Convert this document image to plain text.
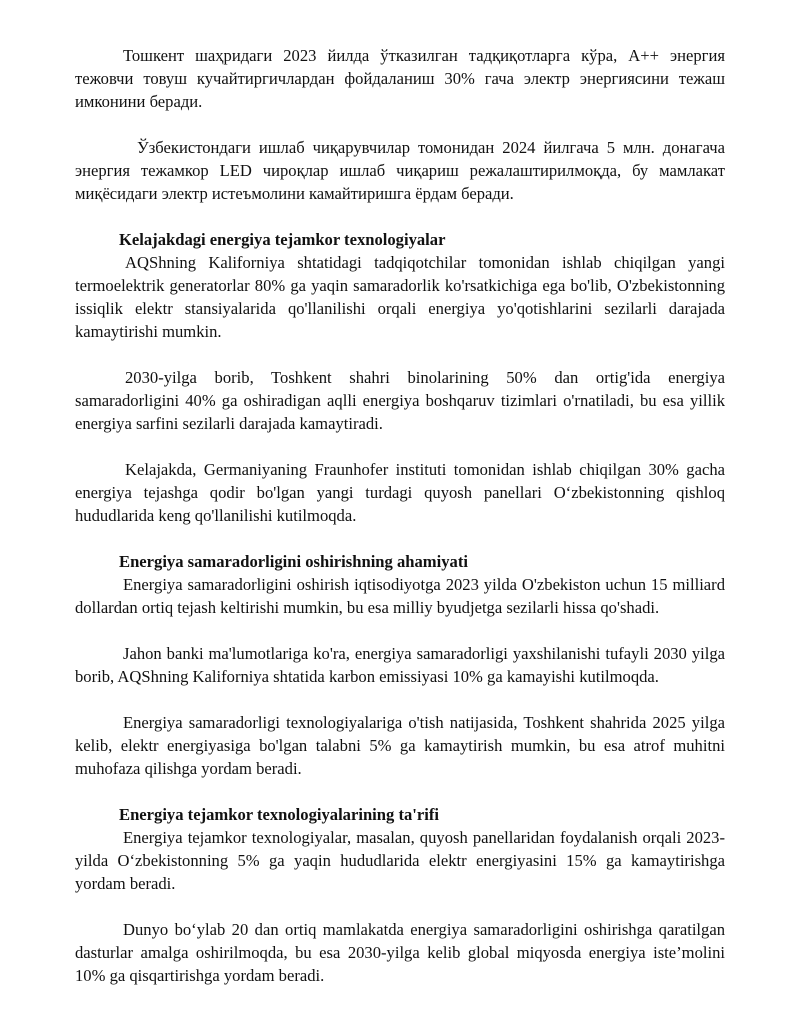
Тошкент шаҳридаги 2023 йилда ўтказилган тадқиқотларга кўра, A++ энергия тежовчи товуш кучайтиргичлардан фойдаланиш 30% гача электр энергиясини тежаш имконини беради.

Ўзбекистондаги ишлаб чиқарувчилар томонидан 2024 йилгача 5 млн. донагача энергия тежамкор LED чироқлар ишлаб чиқариш режалаштирилмоқда, бу мамлакат миқёсидаги электр истеъмолини камайтиришга ёрдам беради.

Kelajakdagi energiya tejamkor texnologiyalar

AQShning Kaliforniya shtatidagi tadqiqotchilar tomonidan ishlab chiqilgan yangi termoelektrik generatorlar 80% ga yaqin samaradorlik ko'rsatkichiga ega bo'lib, O'zbekistonning issiqlik elektr stansiyalarida qo'llanilishi orqali energiya yo'qotishlarini sezilarli darajada kamaytirishi mumkin.

2030-yilga borib, Toshkent shahri binolarining 50% dan ortig'ida energiya samaradorligini 40% ga oshiradigan aqlli energiya boshqaruv tizimlari o'rnatiladi, bu esa yillik energiya sarfini sezilarli darajada kamaytiradi.

Kelajakda, Germaniyaning Fraunhofer instituti tomonidan ishlab chiqilgan 30% gacha energiya tejashga qodir bo'lgan yangi turdagi quyosh panellari O‘zbekistonning qishloq hududlarida keng qo'llanilishi kutilmoqda.

Energiya samaradorligini oshirishning ahamiyati

Energiya samaradorligini oshirish iqtisodiyotga 2023 yilda O'zbekiston uchun 15 milliard dollardan ortiq tejash keltirishi mumkin, bu esa milliy byudjetga sezilarli hissa qo'shadi.

Jahon banki ma'lumotlariga ko'ra, energiya samaradorligi yaxshilanishi tufayli 2030 yilga borib, AQShning Kaliforniya shtatida karbon emissiyasi 10% ga kamayishi kutilmoqda.

Energiya samaradorligi texnologiyalariga o'tish natijasida, Toshkent shahrida 2025 yilga kelib, elektr energiyasiga bo'lgan talabni 5% ga kamaytirish mumkin, bu esa atrof muhitni muhofaza qilishga yordam beradi.

Energiya tejamkor texnologiyalarining ta'rifi

Energiya tejamkor texnologiyalar, masalan, quyosh panellaridan foydalanish orqali 2023-yilda O‘zbekistonning 5% ga yaqin hududlarida elektr energiyasini 15% ga kamaytirishga yordam beradi.

Dunyo bo‘ylab 20 dan ortiq mamlakatda energiya samaradorligini oshirishga qaratilgan dasturlar amalga oshirilmoqda, bu esa 2030-yilga kelib global miqyosda energiya iste’molini 10% ga qisqartirishga yordam beradi.
